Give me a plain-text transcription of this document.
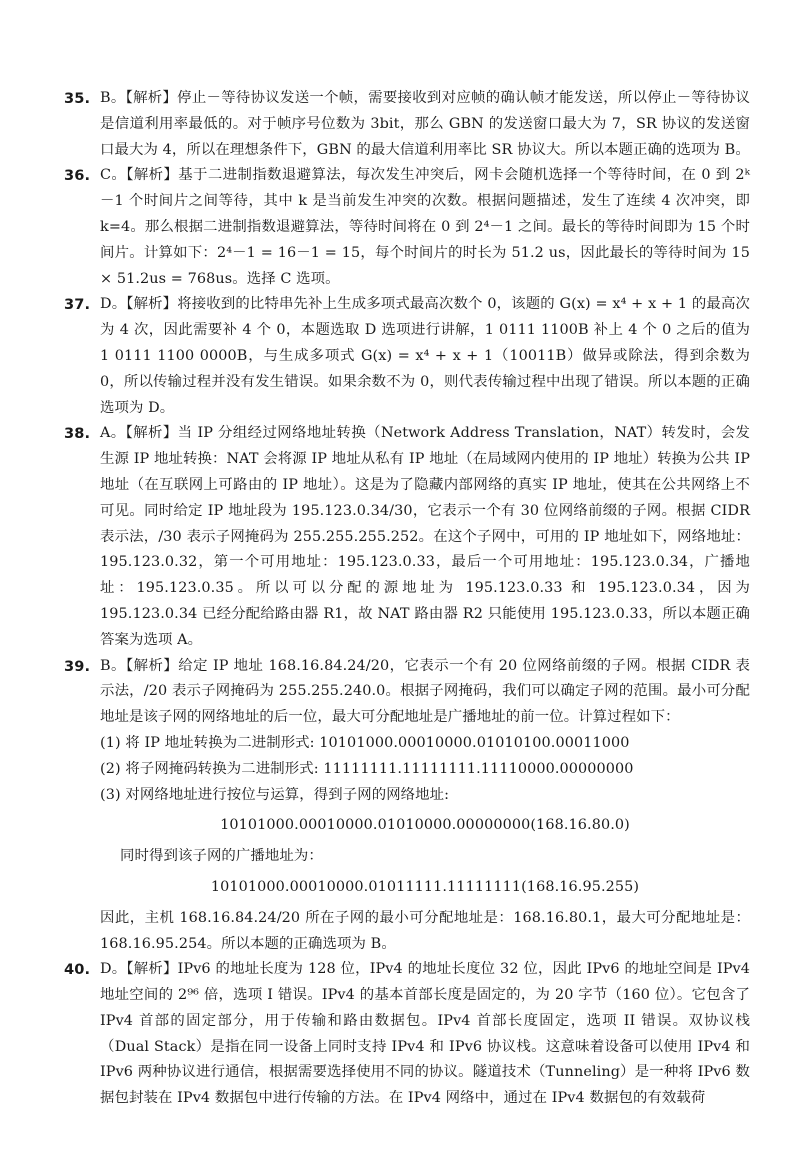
35. B。【解析】停止－等待协议发送一个帧，需要接收到对应帧的确认帧才能发送，所以停止－等待协议是信道利用率最低的。对于帧序号位数为 3bit，那么 GBN 的发送窗口最大为 7，SR 协议的发送窗口最大为 4，所以在理想条件下，GBN 的最大信道利用率比 SR 协议大。所以本题正确的选项为 B。

36. C。【解析】基于二进制指数退避算法，每次发生冲突后，网卡会随机选择一个等待时间，在 0 到 2ᵏ－1 个时间片之间等待，其中 k 是当前发生冲突的次数。根据问题描述，发生了连续 4 次冲突，即 k=4。那么根据二进制指数退避算法，等待时间将在 0 到 2⁴－1 之间。最长的等待时间即为 15 个时间片。计算如下：2⁴－1 = 16－1 = 15，每个时间片的时长为 51.2 us，因此最长的等待时间为 15 × 51.2us = 768us。选择 C 选项。

37. D。【解析】将接收到的比特串先补上生成多项式最高次数个 0，该题的 G(x) = x⁴ + x + 1 的最高次为 4 次，因此需要补 4 个 0，本题选取 D 选项进行讲解，1 0111 1100B 补上 4 个 0 之后的值为 1 0111 1100 0000B，与生成多项式 G(x) = x⁴ + x + 1（10011B）做异或除法，得到余数为 0，所以传输过程并没有发生错误。如果余数不为 0，则代表传输过程中出现了错误。所以本题的正确选项为 D。

38. A。【解析】当 IP 分组经过网络地址转换（Network Address Translation，NAT）转发时，会发生源 IP 地址转换：NAT 会将源 IP 地址从私有 IP 地址（在局域网内使用的 IP 地址）转换为公共 IP 地址（在互联网上可路由的 IP 地址）。这是为了隐藏内部网络的真实 IP 地址，使其在公共网络上不可见。同时给定 IP 地址段为 195.123.0.34/30，它表示一个有 30 位网络前缀的子网。根据 CIDR 表示法，/30 表示子网掩码为 255.255.255.252。在这个子网中，可用的 IP 地址如下，网络地址：195.123.0.32，第一个可用地址：195.123.0.33，最后一个可用地址：195.123.0.34，广播地址：195.123.0.35。所以可以分配的源地址为 195.123.0.33 和 195.123.0.34，因为 195.123.0.34 已经分配给路由器 R1，故 NAT 路由器 R2 只能使用 195.123.0.33，所以本题正确答案为选项 A。

39. B。【解析】给定 IP 地址 168.16.84.24/20，它表示一个有 20 位网络前缀的子网。根据 CIDR 表示法，/20 表示子网掩码为 255.255.240.0。根据子网掩码，我们可以确定子网的范围。最小可分配地址是该子网的网络地址的后一位，最大可分配地址是广播地址的前一位。计算过程如下：

(1) 将 IP 地址转换为二进制形式: 10101000.00010000.01010100.00011000

(2) 将子网掩码转换为二进制形式: 11111111.11111111.11110000.00000000

(3) 对网络地址进行按位与运算，得到子网的网络地址:

10101000.00010000.01010000.00000000(168.16.80.0)

同时得到该子网的广播地址为：

10101000.00010000.01011111.11111111(168.16.95.255)

因此，主机 168.16.84.24/20 所在子网的最小可分配地址是：168.16.80.1，最大可分配地址是：168.16.95.254。所以本题的正确选项为 B。

40. D。【解析】IPv6 的地址长度为 128 位，IPv4 的地址长度位 32 位，因此 IPv6 的地址空间是 IPv4 地址空间的 2⁹⁶ 倍，选项 I 错误。IPv4 的基本首部长度是固定的，为 20 字节（160 位）。它包含了 IPv4 首部的固定部分，用于传输和路由数据包。IPv4 首部长度固定，选项 II 错误。双协议栈（Dual Stack）是指在同一设备上同时支持 IPv4 和 IPv6 协议栈。这意味着设备可以使用 IPv4 和 IPv6 两种协议进行通信，根据需要选择使用不同的协议。隧道技术（Tunneling）是一种将 IPv6 数据包封装在 IPv4 数据包中进行传输的方法。在 IPv4 网络中，通过在 IPv4 数据包的有效载荷
